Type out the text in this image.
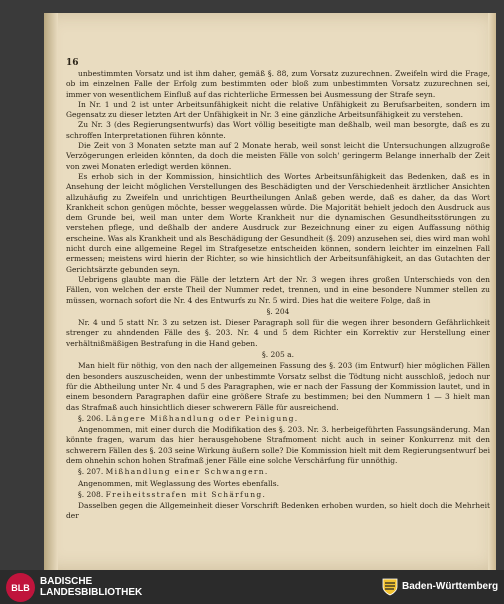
16

unbestimmten Vorsatz und ist ihm daher, gemäß §. 88, zum Vorsatz zuzurechnen. Zweifeln wird die Frage, ob im einzelnen Falle der Erfolg zum bestimmten oder bloß zum unbestimmten Vorsatz zuzurechnen sei, immer von wesentlichem Einfluß auf das richterliche Ermessen bei Ausmessung der Strafe seyn.

In Nr. 1 und 2 ist unter Arbeitsunfähigkeit nicht die relative Unfähigkeit zu Berufsarbeiten, sondern im Gegensatz zu dieser letzten Art der Unfähigkeit in Nr. 3 eine gänzliche Arbeitsunfähigkeit zu verstehen.

Zu Nr. 3 (des Regierungsentwurfs) das Wort völlig beseitigte man deßhalb, weil man besorgte, daß es zu schroffen Interpretationen führen könnte.

Die Zeit von 3 Monaten setzte man auf 2 Monate herab, weil sonst leicht die Untersuchungen allzugroße Verzögerungen erleiden könnten, da doch die meisten Fälle von solch' geringerm Belange innerhalb der Zeit von zwei Monaten erledigt werden können.

Es erhob sich in der Kommission, hinsichtlich des Wortes Arbeitsunfähigkeit das Bedenken, daß es in Ansehung der leicht möglichen Verstellungen des Beschädigten und der Verschiedenheit ärztlicher Ansichten allzuhäufig zu Zweifeln und unrichtigen Beurtheilungen Anlaß geben werde, daß es daher, da das Wort Krankheit schon genügen möchte, besser weggelassen würde. Die Majorität behielt jedoch den Ausdruck aus dem Grunde bei, weil man unter dem Worte Krankheit nur die dynamischen Gesundheitsstörungen zu verstehen pflege, und deßhalb der andere Ausdruck zur Bezeichnung einer zu eigen Auffassung nöthig erscheine. Was als Krankheit und als Beschädigung der Gesundheit (§. 209) anzusehen sei, dies wird man wohl nicht durch eine allgemeine Regel im Strafgesetze entscheiden können, sondern leichter im einzelnen Fall ermessen; meistens wird hierin der Richter, so wie hinsichtlich der Arbeitsunfähigkeit, an das Gutachten der Gerichtsärzte gebunden seyn.

Uebrigens glaubte man die Fälle der letztern Art der Nr. 3 wegen ihres großen Unterschieds von den Fällen, von welchen der erste Theil der Nummer redet, trennen, und in eine besondere Nummer stellen zu müssen, wornach sofort die Nr. 4 des Entwurfs zu Nr. 5 wird. Dies hat die weitere Folge, daß in

§. 204

Nr. 4 und 5 statt Nr. 3 zu setzen ist. Dieser Paragraph soll für die wegen ihrer besondern Gefährlichkeit strenger zu ahndenden Fälle des §. 203. Nr. 4 und 5 dem Richter ein Korrektiv zur Herstellung einer verhältnißmäßigen Bestrafung in die Hand geben.

§. 205 a.

Man hielt für nöthig, von den nach der allgemeinen Fassung des §. 203 (im Entwurf) hier möglichen Fällen den besonders auszuscheiden, wenn der unbestimmte Vorsatz selbst die Tödtung nicht ausschloß, jedoch nur für die Abtheilung unter Nr. 4 und 5 des Paragraphen, wie er nach der Fassung der Kommission lautet, und in einem besondern Paragraphen dafür eine größere Strafe zu bestimmen; bei den Nummern 1 — 3 hielt man das Strafmaß auch hinsichtlich dieser schwerern Fälle für ausreichend.

§. 206. Längere Mißhandlung oder Peinigung.

Angenommen, mit einer durch die Modifikation des §. 203. Nr. 3. herbeigeführten Fassungsänderung. Man könnte fragen, warum das hier herausgehobene Strafmoment nicht auch in seiner Konkurrenz mit den schwerern Fällen des §. 203 seine Wirkung äußern solle? Die Kommission hielt mit dem Regierungsentwurf bei dem ohnehin schon hohen Strafmaß jener Fälle eine solche Verschärfung für unnöthig.

§. 207. Mißhandlung einer Schwangern.

Angenommen, mit Weglassung des Wortes ebenfalls.

§. 208. Freiheitsstrafen mit Schärfung.

Dasselben gegen die Allgemeinheit dieser Vorschrift Bedenken erhoben wurden, so hielt doch die Mehrheit der

BLB
BADISCHE
LANDESBIBLIOTHEK
Baden-Württemberg
